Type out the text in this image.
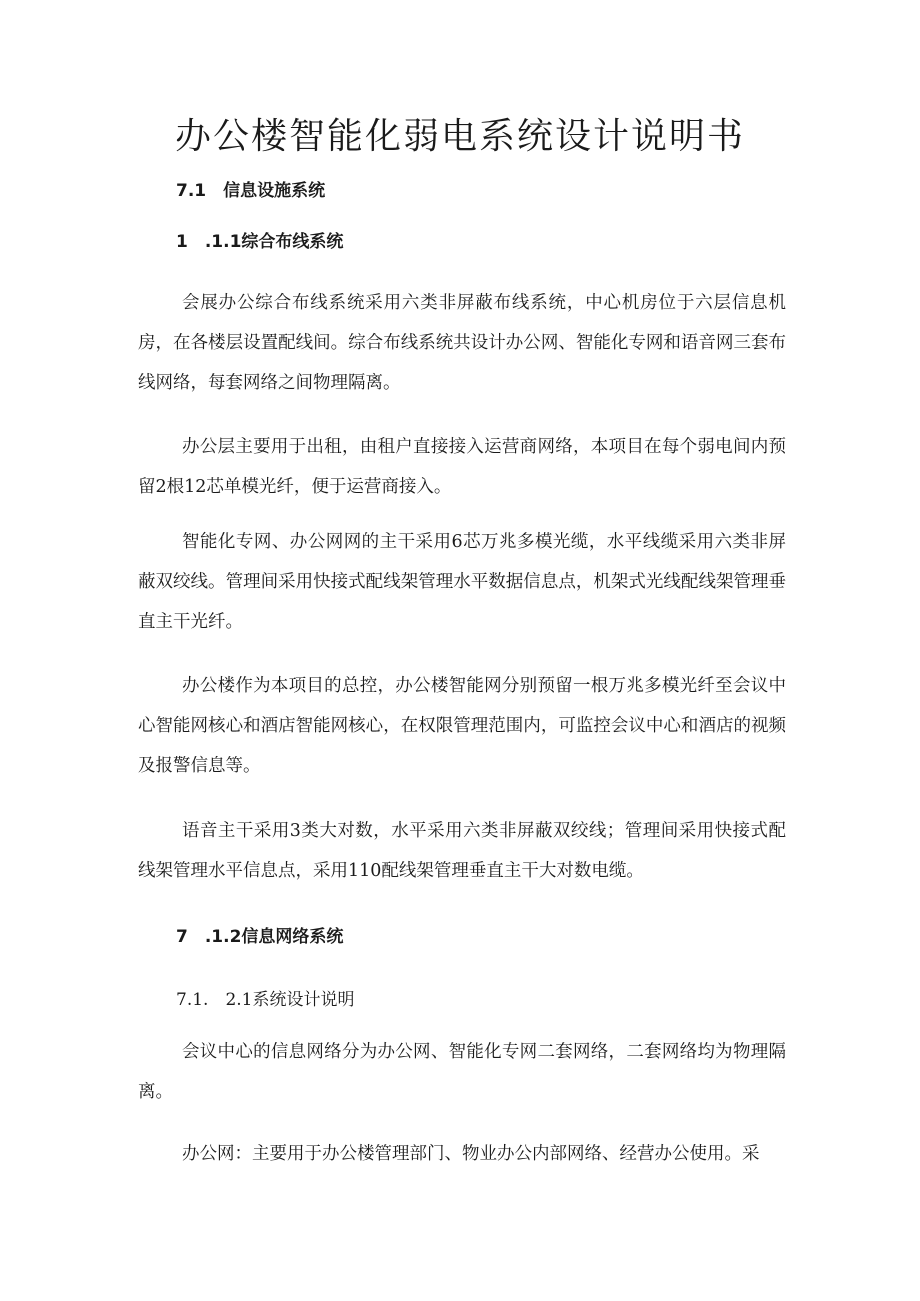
办公楼智能化弱电系统设计说明书
7.1　信息设施系统
1　.1.1综合布线系统

会展办公综合布线系统采用六类非屏蔽布线系统，中心机房位于六层信息机房，在各楼层设置配线间。综合布线系统共设计办公网、智能化专网和语音网三套布线网络，每套网络之间物理隔离。

办公层主要用于出租，由租户直接接入运营商网络，本项目在每个弱电间内预留2根12芯单模光纤，便于运营商接入。

智能化专网、办公网网的主干采用6芯万兆多模光缆，水平线缆采用六类非屏蔽双绞线。管理间采用快接式配线架管理水平数据信息点，机架式光线配线架管理垂直主干光纤。

办公楼作为本项目的总控，办公楼智能网分别预留一根万兆多模光纤至会议中心智能网核心和酒店智能网核心，在权限管理范围内，可监控会议中心和酒店的视频及报警信息等。

语音主干采用3类大对数，水平采用六类非屏蔽双绞线；管理间采用快接式配线架管理水平信息点，采用110配线架管理垂直主干大对数电缆。

7　.1.2信息网络系统
7.1.　2.1系统设计说明

会议中心的信息网络分为办公网、智能化专网二套网络，二套网络均为物理隔离。

办公网：主要用于办公楼管理部门、物业办公内部网络、经营办公使用。采
